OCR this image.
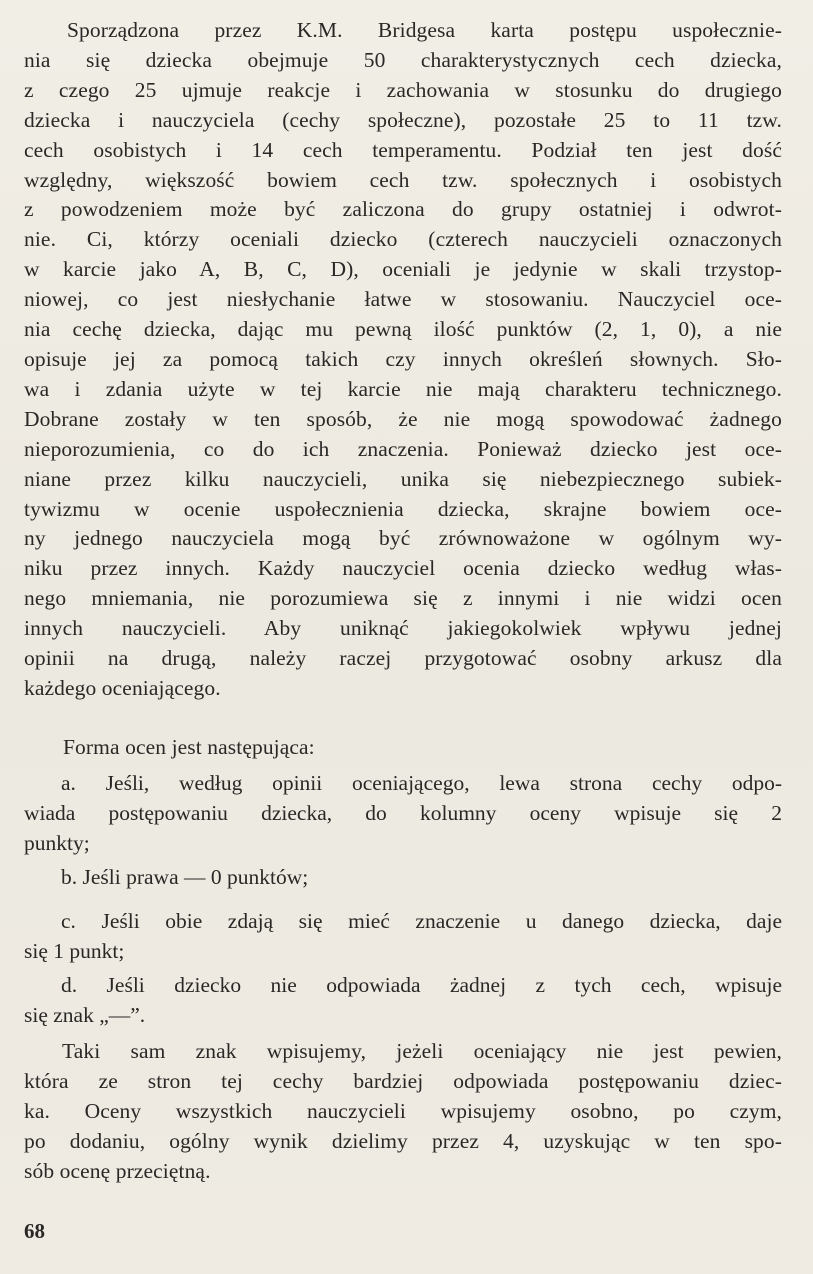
Sporządzona przez K.M. Bridgesa karta postępu uspołecznie-
nia się dziecka obejmuje 50 charakterystycznych cech dziecka,
z czego 25 ujmuje reakcje i zachowania w stosunku do drugiego
dziecka i nauczyciela (cechy społeczne), pozostałe 25 to 11 tzw.
cech osobistych i 14 cech temperamentu. Podział ten jest dość
względny, większość bowiem cech tzw. społecznych i osobistych
z powodzeniem może być zaliczona do grupy ostatniej i odwrot-
nie. Ci, którzy oceniali dziecko (czterech nauczycieli oznaczonych
w karcie jako A, B, C, D), oceniali je jedynie w skali trzystop-
niowej, co jest niesłychanie łatwe w stosowaniu. Nauczyciel oce-
nia cechę dziecka, dając mu pewną ilość punktów (2, 1, 0), a nie
opisuje jej za pomocą takich czy innych określeń słownych. Sło-
wa i zdania użyte w tej karcie nie mają charakteru technicznego.
Dobrane zostały w ten sposób, że nie mogą spowodować żadnego
nieporozumienia, co do ich znaczenia. Ponieważ dziecko jest oce-
niane przez kilku nauczycieli, unika się niebezpiecznego subiek-
tywizmu w ocenie uspołecznienia dziecka, skrajne bowiem oce-
ny jednego nauczyciela mogą być zrównoważone w ogólnym wy-
niku przez innych. Każdy nauczyciel ocenia dziecko według włas-
nego mniemania, nie porozumiewa się z innymi i nie widzi ocen
innych nauczycieli. Aby uniknąć jakiegokolwiek wpływu jednej
opinii na drugą, należy raczej przygotować osobny arkusz dla
każdego oceniającego.
Forma ocen jest następująca:
a. Jeśli, według opinii oceniającego, lewa strona cechy odpo-
wiada postępowaniu dziecka, do kolumny oceny wpisuje się 2
punkty;
b. Jeśli prawa — 0 punktów;
c. Jeśli obie zdają się mieć znaczenie u danego dziecka, daje
się 1 punkt;
d. Jeśli dziecko nie odpowiada żadnej z tych cech, wpisuje
się znak „—”.
Taki sam znak wpisujemy, jeżeli oceniający nie jest pewien,
która ze stron tej cechy bardziej odpowiada postępowaniu dziec-
ka. Oceny wszystkich nauczycieli wpisujemy osobno, po czym,
po dodaniu, ogólny wynik dzielimy przez 4, uzyskując w ten spo-
sób ocenę przeciętną.
68
